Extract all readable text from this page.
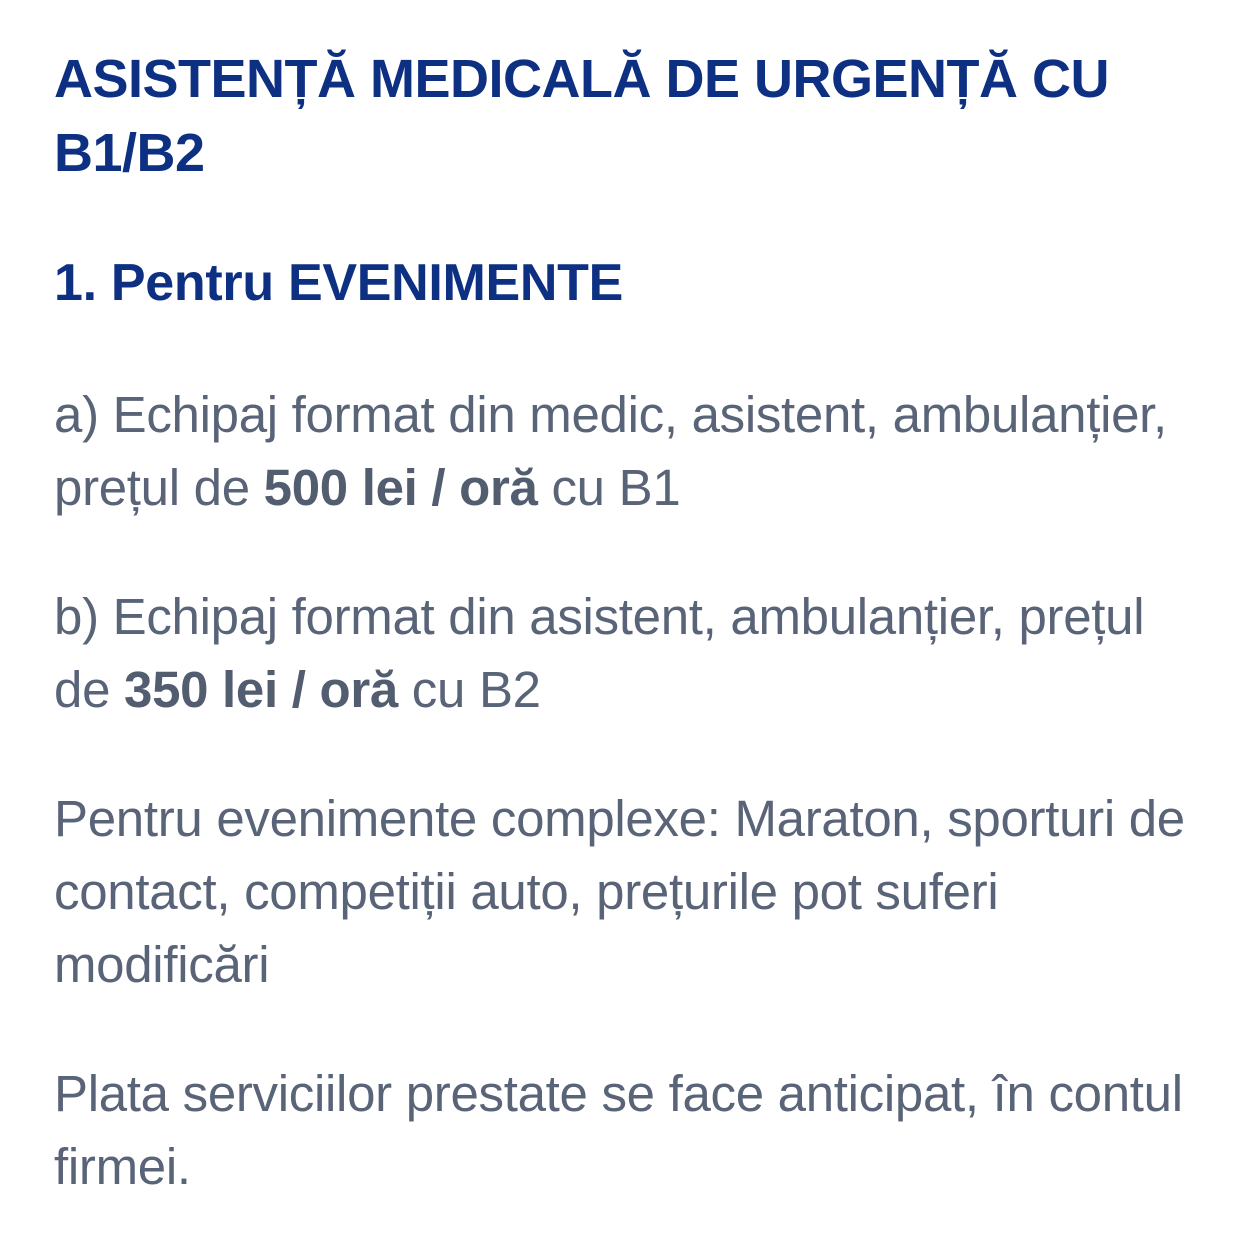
ASISTENȚĂ MEDICALĂ DE URGENȚĂ CU B1/B2
1. Pentru EVENIMENTE

a) Echipaj format din medic, asistent, ambulanțier, prețul de 500 lei / oră cu B1

b) Echipaj format din asistent, ambulanțier, prețul de 350 lei / oră cu B2

Pentru evenimente complexe: Maraton, sporturi de contact, competiții auto, prețurile pot suferi modificări

Plata serviciilor prestate se face anticipat, în contul firmei.
